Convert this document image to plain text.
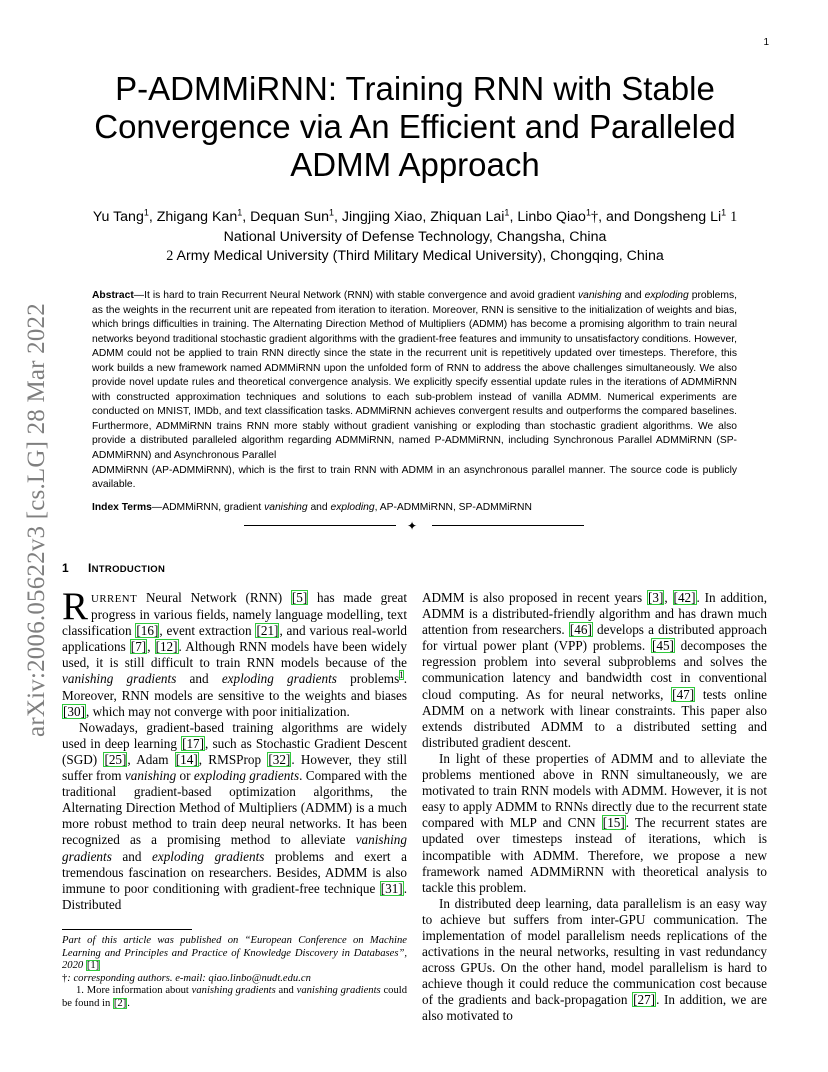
1
arXiv:2006.05622v3 [cs.LG] 28 Mar 2022
P-ADMMiRNN: Training RNN with Stable Convergence via An Efficient and Paralleled ADMM Approach
Yu Tang$^1$, Zhigang Kan$^1$, Dequan Sun$^1$, Jingjing Xiao, Zhiquan Lai$^1$, Linbo Qiao$^1$†, and Dongsheng Li$^1$ 1
National University of Defense Technology, Changsha, China
2 Army Medical University (Third Military Medical University), Chongqing, China
Abstract—It is hard to train Recurrent Neural Network (RNN) with stable convergence and avoid gradient vanishing and exploding problems, as the weights in the recurrent unit are repeated from iteration to iteration. Moreover, RNN is sensitive to the initialization of weights and bias, which brings difficulties in training. The Alternating Direction Method of Multipliers (ADMM) has become a promising algorithm to train neural networks beyond traditional stochastic gradient algorithms with the gradient-free features and immunity to unsatisfactory conditions. However, ADMM could not be applied to train RNN directly since the state in the recurrent unit is repetitively updated over timesteps. Therefore, this work builds a new framework named ADMMiRNN upon the unfolded form of RNN to address the above challenges simultaneously. We also provide novel update rules and theoretical convergence analysis. We explicitly specify essential update rules in the iterations of ADMMiRNN with constructed approximation techniques and solutions to each sub-problem instead of vanilla ADMM. Numerical experiments are conducted on MNIST, IMDb, and text classification tasks. ADMMiRNN achieves convergent results and outperforms the compared baselines. Furthermore, ADMMiRNN trains RNN more stably without gradient vanishing or exploding than stochastic gradient algorithms. We also provide a distributed paralleled algorithm regarding ADMMiRNN, named P-ADMMiRNN, including Synchronous Parallel ADMMiRNN (SP-ADMMiRNN) and Asynchronous Parallel
ADMMiRNN (AP-ADMMiRNN), which is the first to train RNN with ADMM in an asynchronous parallel manner. The source code is publicly available.
Index Terms—ADMMiRNN, gradient vanishing and exploding, AP-ADMMiRNN, SP-ADMMiRNN
✦
1 INTRODUCTION

RURRENT Neural Network (RNN) [5] has made great progress in various fields, namely language modelling, text classification [16], event extraction [21], and various real-world applications [7], [12]. Although RNN models have been widely used, it is still difficult to train RNN models because of the vanishing gradients and exploding gradients problems$^1$. Moreover, RNN models are sensitive to the weights and biases [30], which may not converge with poor initialization.

Nowadays, gradient-based training algorithms are widely used in deep learning [17], such as Stochastic Gradient Descent (SGD) [25], Adam [14], RMSProp [32]. However, they still suffer from vanishing or exploding gradients. Compared with the traditional gradient-based optimization algorithms, the Alternating Direction Method of Multipliers (ADMM) is a much more robust method to train deep neural networks. It has been recognized as a promising method to alleviate vanishing gradients and exploding gradients problems and exert a tremendous fascination on researchers. Besides, ADMM is also immune to poor conditioning with gradient-free technique [31]. Distributed

Part of this article was published on “European Conference on Machine Learning and Principles and Practice of Knowledge Discovery in Databases”, 2020 [1]
†: corresponding authors. e-mail: qiao.linbo@nudt.edu.cn
1. More information about vanishing gradients and vanishing gradients could be found in [2].

ADMM is also proposed in recent years [3], [42]. In addition, ADMM is a distributed-friendly algorithm and has drawn much attention from researchers. [46] develops a distributed approach for virtual power plant (VPP) problems. [45] decomposes the regression problem into several subproblems and solves the communication latency and bandwidth cost in conventional cloud computing. As for neural networks, [47] tests online ADMM on a network with linear constraints. This paper also extends distributed ADMM to a distributed setting and distributed gradient descent.

In light of these properties of ADMM and to alleviate the problems mentioned above in RNN simultaneously, we are motivated to train RNN models with ADMM. However, it is not easy to apply ADMM to RNNs directly due to the recurrent state compared with MLP and CNN [15]. The recurrent states are updated over timesteps instead of iterations, which is incompatible with ADMM. Therefore, we propose a new framework named ADMMiRNN with theoretical analysis to tackle this problem.

In distributed deep learning, data parallelism is an easy way to achieve but suffers from inter-GPU communication. The implementation of model parallelism needs replications of the activations in the neural networks, resulting in vast redundancy across GPUs. On the other hand, model parallelism is hard to achieve though it could reduce the communication cost because of the gradients and back-propagation [27]. In addition, we are also motivated to
